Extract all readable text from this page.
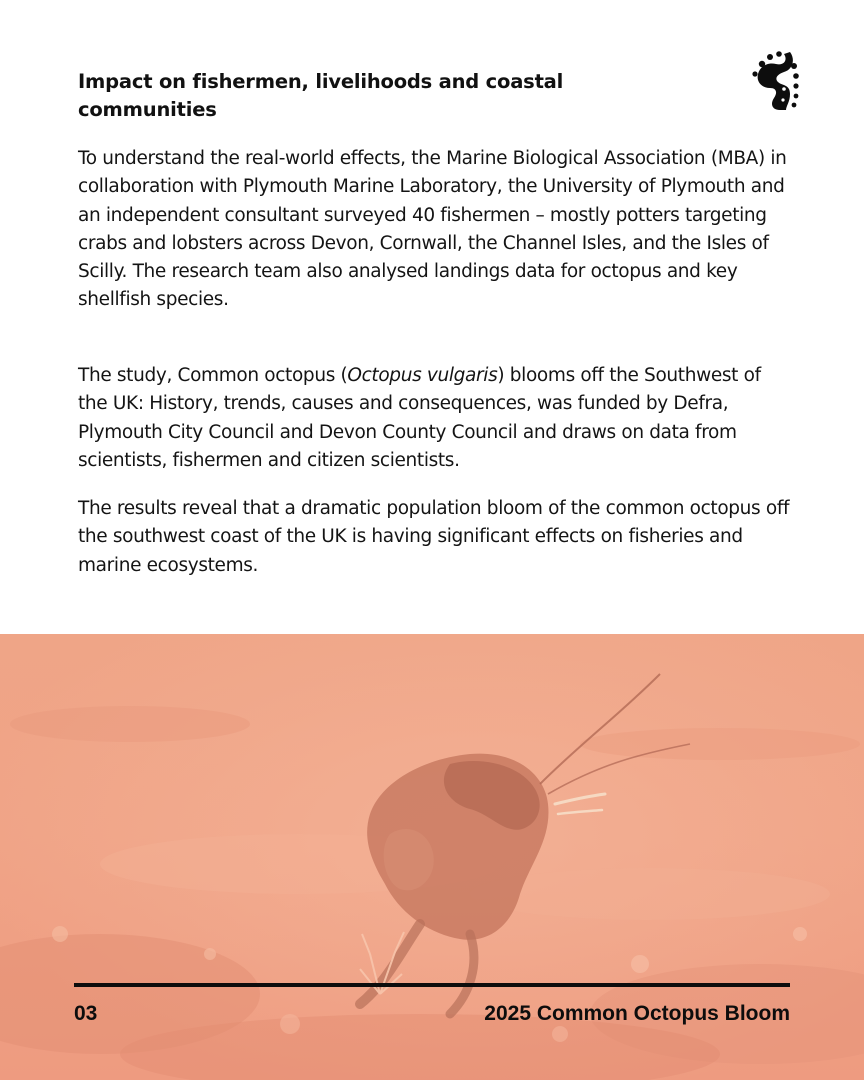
Impact on fishermen, livelihoods and coastal communities

To understand the real-world effects, the Marine Biological Association (MBA) in collaboration with Plymouth Marine Laboratory, the University of Plymouth and an independent consultant surveyed 40 fishermen – mostly potters targeting crabs and lobsters across Devon, Cornwall, the Channel Isles, and the Isles of Scilly. The research team also analysed landings data for octopus and key shellfish species.

The study, Common octopus (Octopus vulgaris) blooms off the Southwest of the UK: History, trends, causes and consequences, was funded by Defra, Plymouth City Council and Devon County Council and draws on data from scientists, fishermen and citizen scientists.

The results reveal that a dramatic population bloom of the common octopus off the southwest coast of the UK is having significant effects on fisheries and marine ecosystems.

03	2025 Common Octopus Bloom
